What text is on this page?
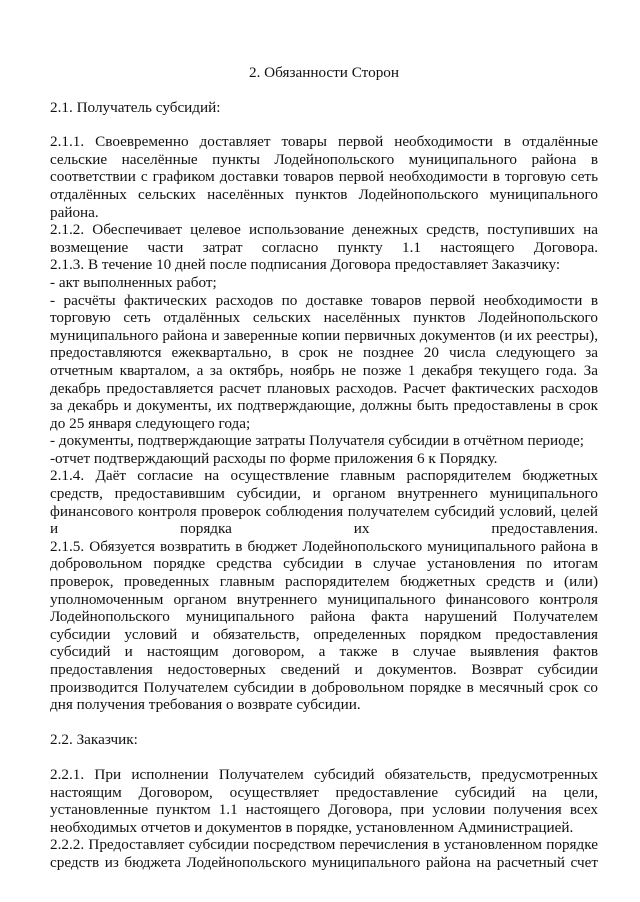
2. Обязанности Сторон

2.1. Получатель субсидий:

2.1.1. Своевременно доставляет товары первой необходимости в отдалённые сельские населённые пункты Лодейнопольского муниципального района в соответствии с графиком доставки товаров первой необходимости в торговую сеть отдалённых сельских населённых пунктов Лодейнопольского муниципального района.

2.1.2. Обеспечивает целевое использование денежных средств, поступивших на возмещение части затрат согласно пункту 1.1 настоящего Договора.

2.1.3. В течение 10 дней после подписания Договора предоставляет Заказчику:

- акт выполненных работ;

- расчёты фактических расходов по доставке товаров первой необходимости в торговую сеть отдалённых сельских населённых пунктов Лодейнопольского муниципального района и заверенные копии первичных документов (и их реестры), предоставляются ежеквартально, в срок не позднее 20 числа следующего за отчетным кварталом, а за октябрь, ноябрь не позже 1 декабря текущего года. За декабрь предоставляется расчет плановых расходов. Расчет фактических расходов за декабрь и документы, их подтверждающие, должны быть предоставлены в срок до 25 января следующего года;

- документы, подтверждающие затраты Получателя субсидии в отчётном периоде;

-отчет подтверждающий расходы по форме приложения 6 к Порядку.

2.1.4. Даёт согласие на осуществление главным распорядителем бюджетных средств, предоставившим субсидии, и органом внутреннего муниципального финансового контроля проверок соблюдения получателем субсидий условий, целей и порядка их предоставления.

2.1.5. Обязуется возвратить в бюджет Лодейнопольского муниципального района в добровольном порядке средства субсидии в случае установления по итогам проверок, проведенных главным распорядителем бюджетных средств и (или) уполномоченным органом внутреннего муниципального финансового контроля Лодейнопольского муниципального района факта нарушений Получателем субсидии условий и обязательств, определенных порядком предоставления субсидий и настоящим договором, а также в случае выявления фактов предоставления недостоверных сведений и документов. Возврат субсидии производится Получателем субсидии в добровольном порядке в месячный срок со дня получения требования о возврате субсидии.

2.2. Заказчик:

2.2.1. При исполнении Получателем субсидий обязательств, предусмотренных настоящим Договором, осуществляет предоставление субсидий на цели, установленные пунктом 1.1 настоящего Договора, при условии получения всех необходимых отчетов и документов в порядке, установленном Администрацией.

2.2.2. Предоставляет субсидии посредством перечисления в установленном порядке средств из бюджета Лодейнопольского муниципального района на расчетный счет
